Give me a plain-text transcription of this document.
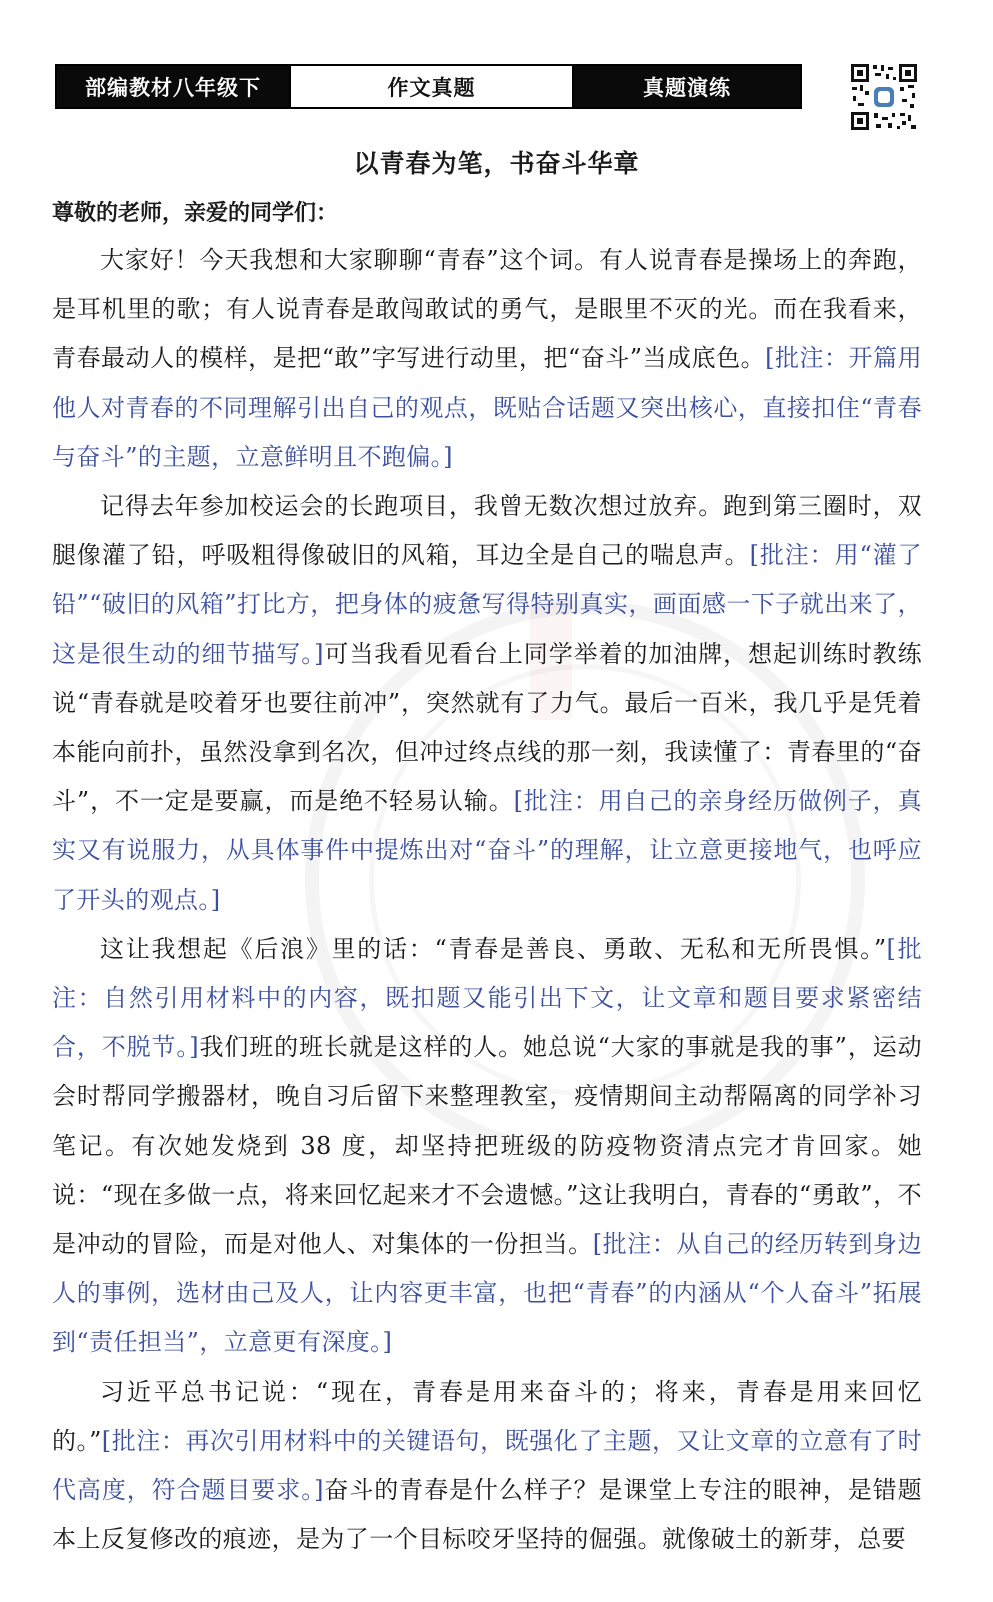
部编教材八年级下	作文真题	真题演练
以青春为笔，书奋斗华章
尊敬的老师，亲爱的同学们：

大家好！今天我想和大家聊聊“青春”这个词。有人说青春是操场上的奔跑，是耳机里的歌；有人说青春是敢闯敢试的勇气，是眼里不灭的光。而在我看来，青春最动人的模样，是把“敢”字写进行动里，把“奋斗”当成底色。[批注：开篇用他人对青春的不同理解引出自己的观点，既贴合话题又突出核心，直接扣住“青春与奋斗”的主题，立意鲜明且不跑偏。]

记得去年参加校运会的长跑项目，我曾无数次想过放弃。跑到第三圈时，双腿像灌了铅，呼吸粗得像破旧的风箱，耳边全是自己的喘息声。[批注：用“灌了铅”“破旧的风箱”打比方，把身体的疲惫写得特别真实，画面感一下子就出来了，这是很生动的细节描写。]可当我看见看台上同学举着的加油牌，想起训练时教练说“青春就是咬着牙也要往前冲”，突然就有了力气。最后一百米，我几乎是凭着本能向前扑，虽然没拿到名次，但冲过终点线的那一刻，我读懂了：青春里的“奋斗”，不一定是要赢，而是绝不轻易认输。[批注：用自己的亲身经历做例子，真实又有说服力，从具体事件中提炼出对“奋斗”的理解，让立意更接地气，也呼应了开头的观点。]

这让我想起《后浪》里的话：“青春是善良、勇敢、无私和无所畏惧。”[批注：自然引用材料中的内容，既扣题又能引出下文，让文章和题目要求紧密结合，不脱节。]我们班的班长就是这样的人。她总说“大家的事就是我的事”，运动会时帮同学搬器材，晚自习后留下来整理教室，疫情期间主动帮隔离的同学补习笔记。有次她发烧到 38 度，却坚持把班级的防疫物资清点完才肯回家。她说：“现在多做一点，将来回忆起来才不会遗憾。”这让我明白，青春的“勇敢”，不是冲动的冒险，而是对他人、对集体的一份担当。[批注：从自己的经历转到身边人的事例，选材由己及人，让内容更丰富，也把“青春”的内涵从“个人奋斗”拓展到“责任担当”，立意更有深度。]

习近平总书记说：“现在，青春是用来奋斗的；将来，青春是用来回忆的。”[批注：再次引用材料中的关键语句，既强化了主题，又让文章的立意有了时代高度，符合题目要求。]奋斗的青春是什么样子？是课堂上专注的眼神，是错题本上反复修改的痕迹，是为了一个目标咬牙坚持的倔强。就像破土的新芽，总要
